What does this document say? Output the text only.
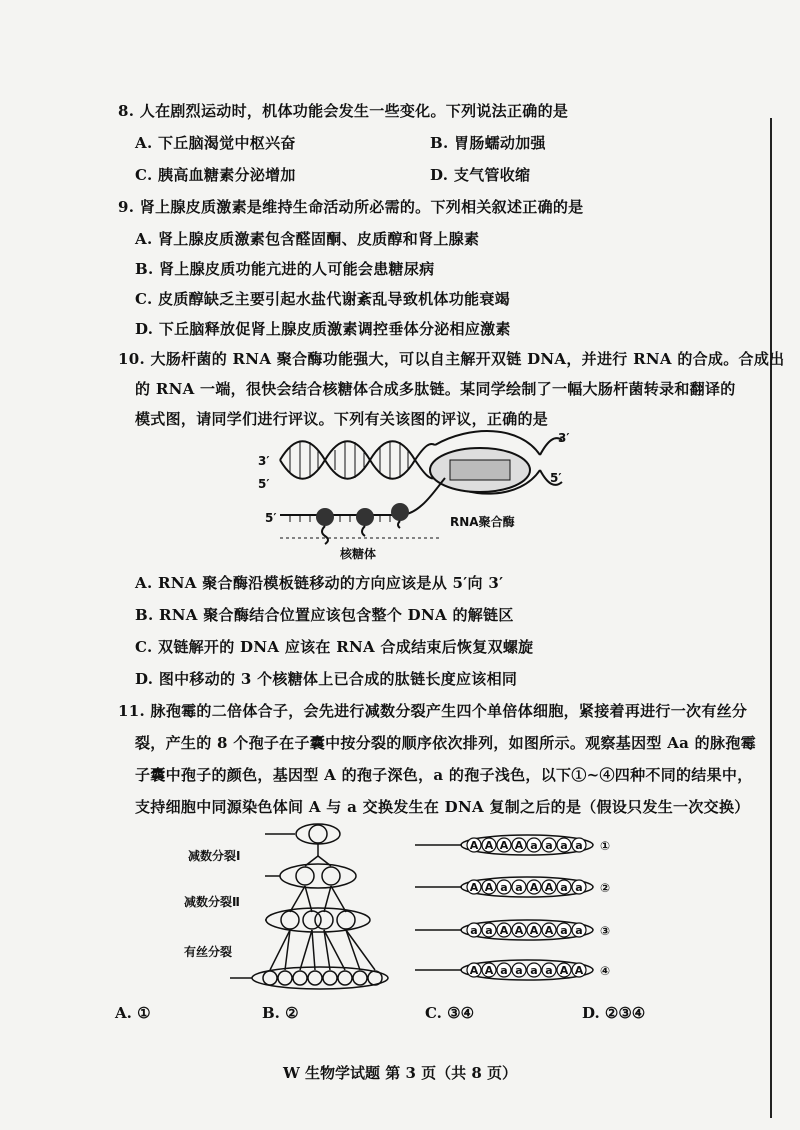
8. 人在剧烈运动时，机体功能会发生一些变化。下列说法正确的是
A. 下丘脑渴觉中枢兴奋	B. 胃肠蠕动加强
C. 胰高血糖素分泌增加	D. 支气管收缩
9. 肾上腺皮质激素是维持生命活动所必需的。下列相关叙述正确的是
A. 肾上腺皮质激素包含醛固酮、皮质醇和肾上腺素
B. 肾上腺皮质功能亢进的人可能会患糖尿病
C. 皮质醇缺乏主要引起水盐代谢紊乱导致机体功能衰竭
D. 下丘脑释放促肾上腺皮质激素调控垂体分泌相应激素
10. 大肠杆菌的 RNA 聚合酶功能强大，可以自主解开双链 DNA，并进行 RNA 的合成。合成出
的 RNA 一端，很快会结合核糖体合成多肽链。某同学绘制了一幅大肠杆菌转录和翻译的
模式图，请同学们进行评议。下列有关该图的评议，正确的是
3′
5′
3′
5′
5′	RNA聚合酶
核糖体
A. RNA 聚合酶沿模板链移动的方向应该是从 5′向 3′
B. RNA 聚合酶结合位置应该包含整个 DNA 的解链区
C. 双链解开的 DNA 应该在 RNA 合成结束后恢复双螺旋
D. 图中移动的 3 个核糖体上已合成的肽链长度应该相同
11. 脉孢霉的二倍体合子，会先进行减数分裂产生四个单倍体细胞，紧接着再进行一次有丝分
裂，产生的 8 个孢子在子囊中按分裂的顺序依次排列，如图所示。观察基因型 Aa 的脉孢霉
子囊中孢子的颜色，基因型 A 的孢子深色，a 的孢子浅色，以下①~④四种不同的结果中，
支持细胞中同源染色体间 A 与 a 交换发生在 DNA 复制之后的是（假设只发生一次交换）
减数分裂Ⅰ
减数分裂Ⅱ
有丝分裂
A A A A a a a a ①
A A a a A A a a ②
a a A A A A a a ③
A A a a a a A A ④
A. ①	B. ②	C. ③④	D. ②③④
W 生物学试题 第 3 页（共 8 页）
